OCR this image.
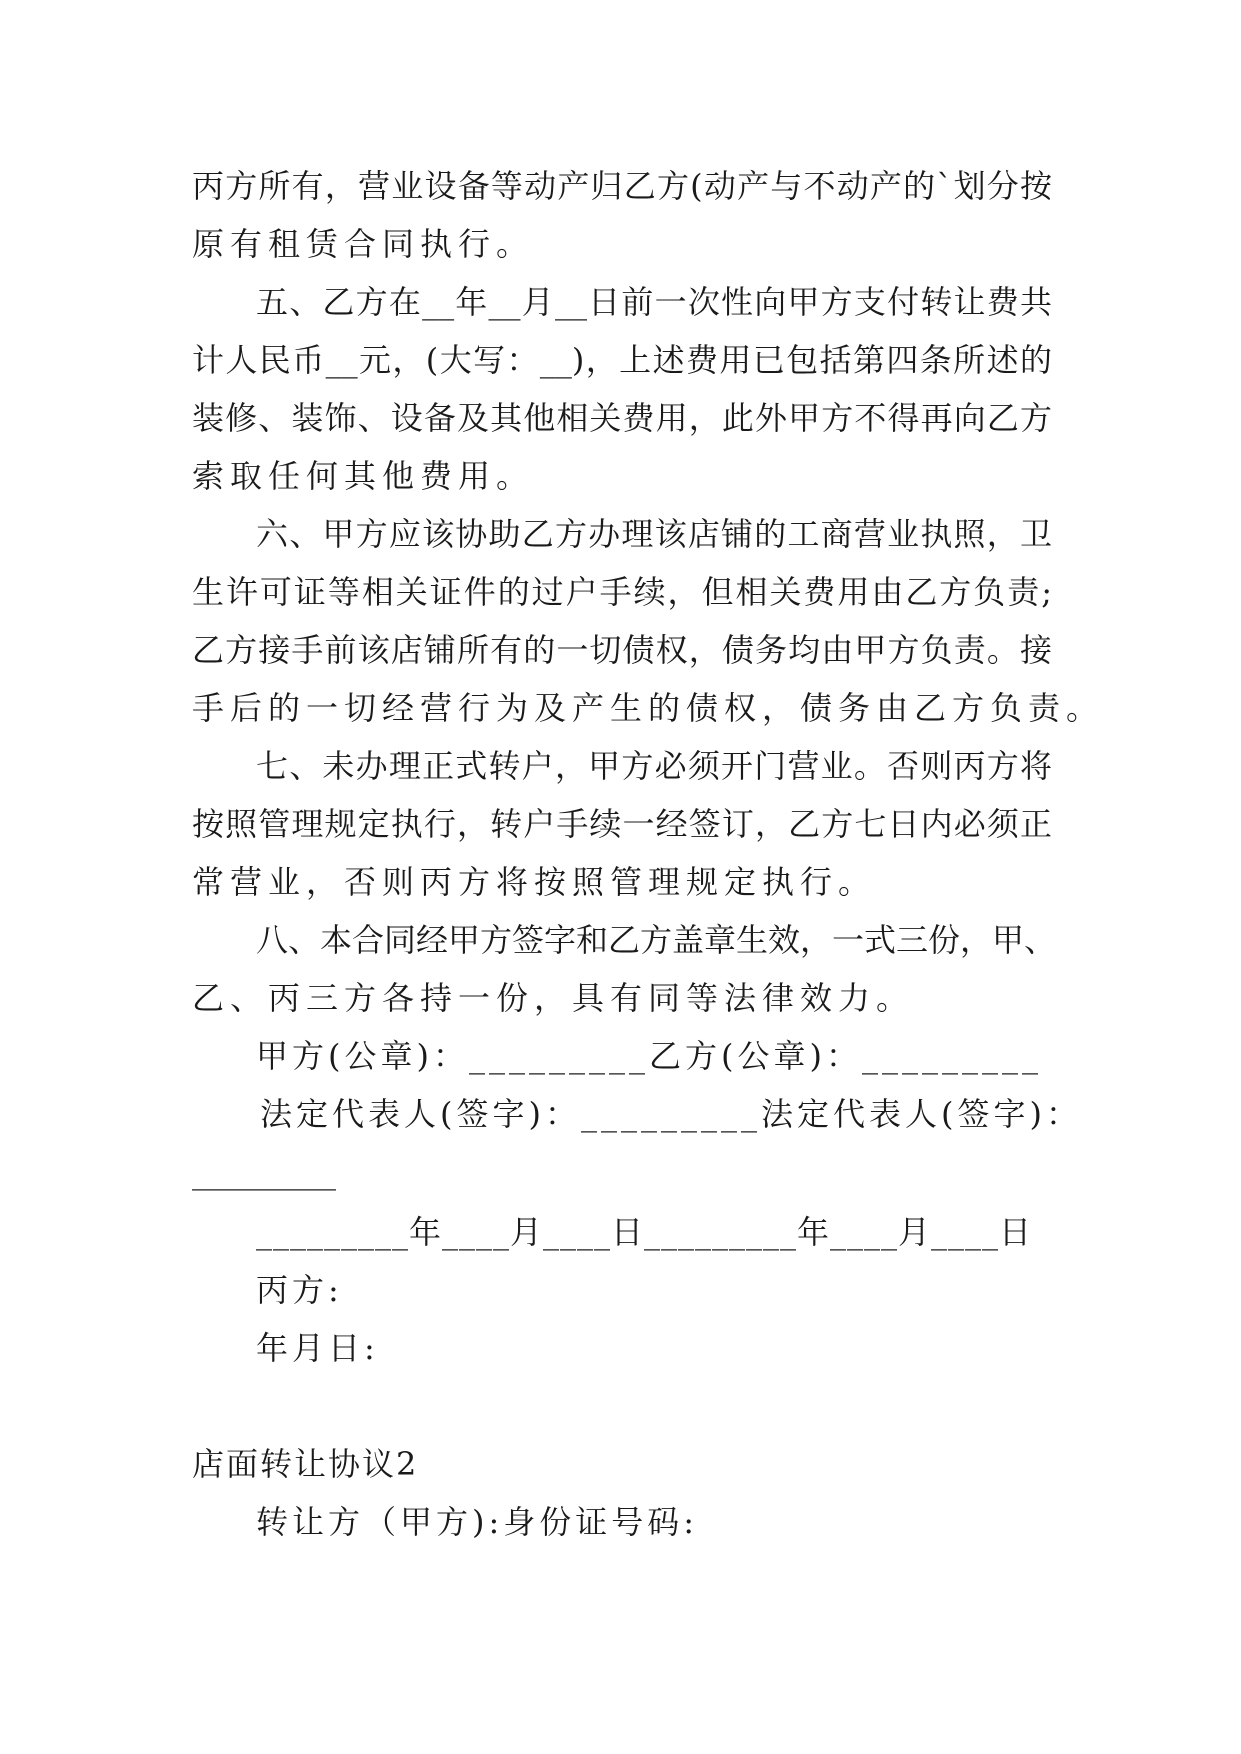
丙方所有，营业设备等动产归乙方(动产与不动产的`划分按
原有租赁合同执行。
五、乙方在__年__月__日前一次性向甲方支付转让费共
计人民币__元，(大写：__)，上述费用已包括第四条所述的
装修、装饰、设备及其他相关费用，此外甲方不得再向乙方
索取任何其他费用。
六、甲方应该协助乙方办理该店铺的工商营业执照，卫
生许可证等相关证件的过户手续，但相关费用由乙方负责;
乙方接手前该店铺所有的一切债权，债务均由甲方负责。接
手后的一切经营行为及产生的债权，债务由乙方负责。
七、未办理正式转户，甲方必须开门营业。否则丙方将
按照管理规定执行，转户手续一经签订，乙方七日内必须正
常营业，否则丙方将按照管理规定执行。
八、本合同经甲方签字和乙方盖章生效，一式三份，甲、
乙、丙三方各持一份，具有同等法律效力。
甲方(公章)：_________乙方(公章)：_________
法定代表人(签字)：_________法定代表人(签字)：
_________
_________年____月____日_________年____月____日
丙方:
年月日:
店面转让协议2
转让方（甲方):身份证号码:
